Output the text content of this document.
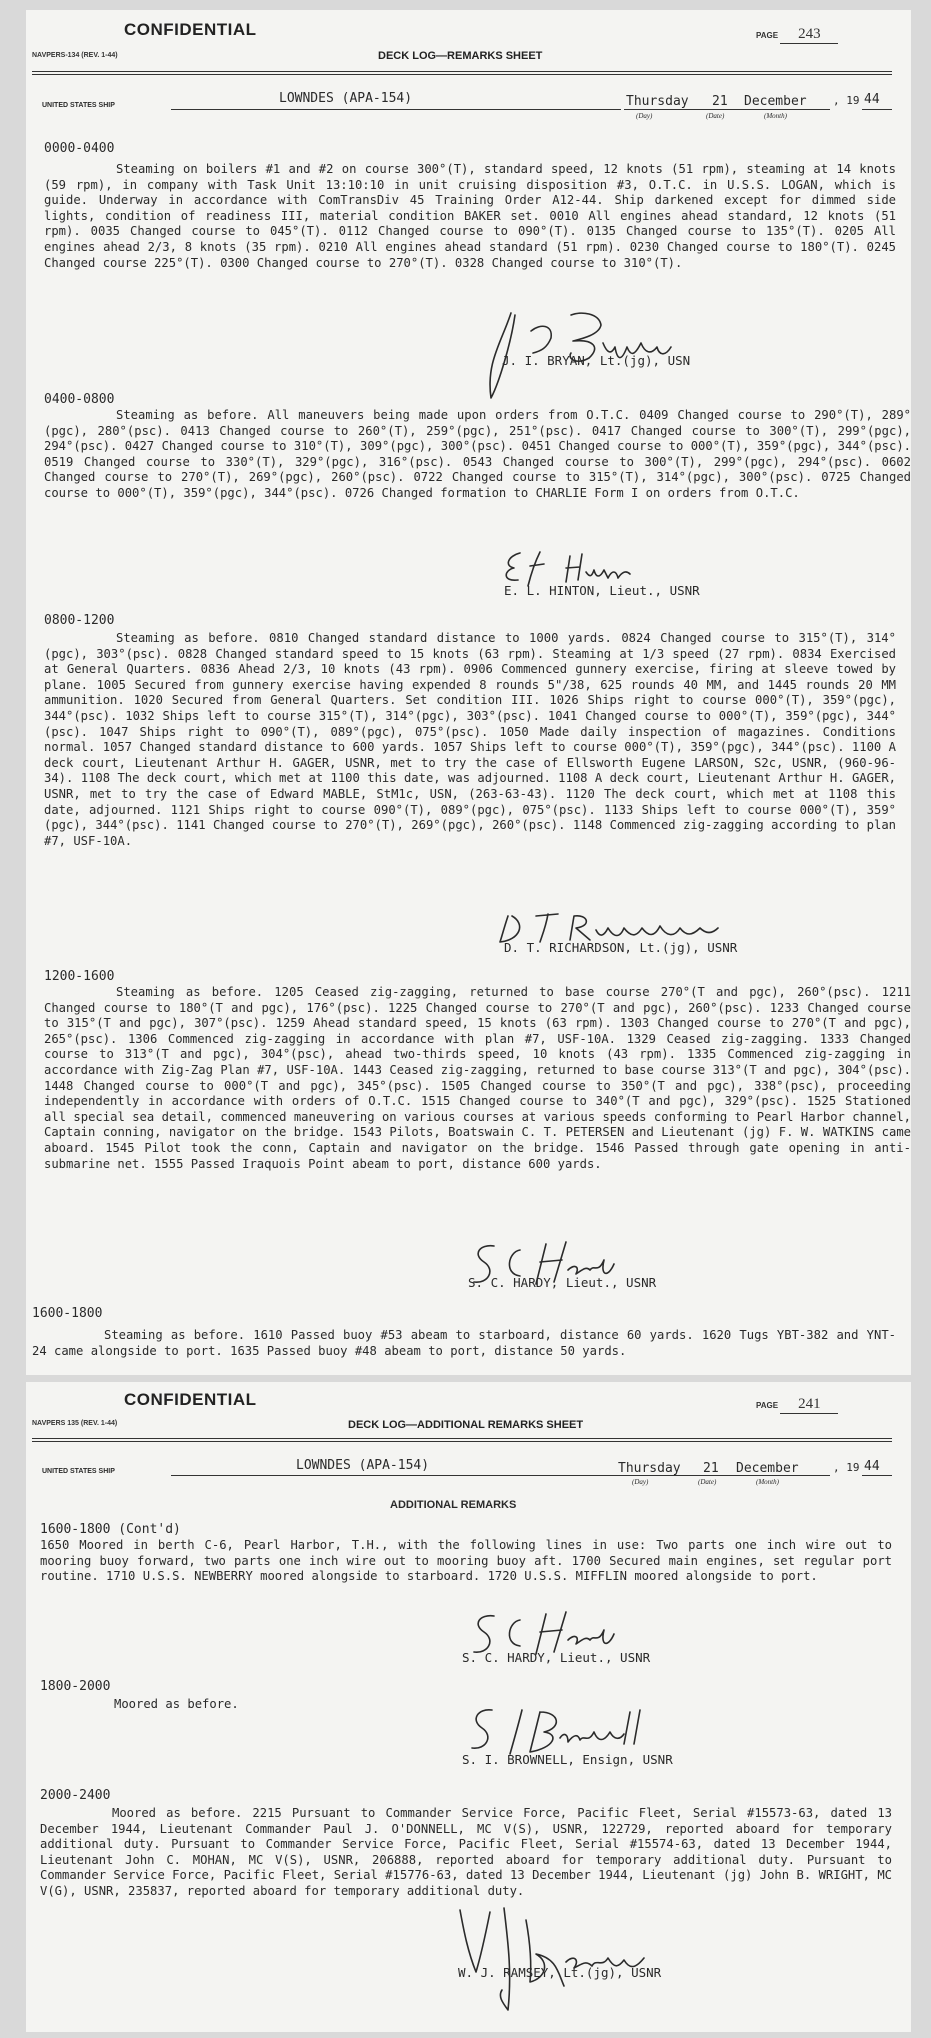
CONFIDENTIAL	PAGE 243
NAVPERS-134 (REV. 1-44)	DECK LOG—REMARKS SHEET
UNITED STATES SHIP	LOWNDES (APA-154)	Thursday 21 December , 19 44
(Day)	(Date)	(Month)
0000-0400
Steaming on boilers #1 and #2 on course 300°(T), standard speed, 12 knots (51 rpm), steaming at 14 knots (59 rpm), in company with Task Unit 13:10:10 in unit cruising disposition #3, O.T.C. in U.S.S. LOGAN, which is guide. Underway in accordance with ComTransDiv 45 Training Order A12-44. Ship darkened except for dimmed side lights, condition of readiness III, material condition BAKER set. 0010 All engines ahead standard, 12 knots (51 rpm). 0035 Changed course to 045°(T). 0112 Changed course to 090°(T). 0135 Changed course to 135°(T). 0205 All engines ahead 2/3, 8 knots (35 rpm). 0210 All engines ahead standard (51 rpm). 0230 Changed course to 180°(T). 0245 Changed course 225°(T). 0300 Changed course to 270°(T). 0328 Changed course to 310°(T).
J. I. BRYAN, Lt.(jg), USN
0400-0800
Steaming as before. All maneuvers being made upon orders from O.T.C. 0409 Changed course to 290°(T), 289°(pgc), 280°(psc). 0413 Changed course to 260°(T), 259°(pgc), 251°(psc). 0417 Changed course to 300°(T), 299°(pgc), 294°(psc). 0427 Changed course to 310°(T), 309°(pgc), 300°(psc). 0451 Changed course to 000°(T), 359°(pgc), 344°(psc). 0519 Changed course to 330°(T), 329°(pgc), 316°(psc). 0543 Changed course to 300°(T), 299°(pgc), 294°(psc). 0602 Changed course to 270°(T), 269°(pgc), 260°(psc). 0722 Changed course to 315°(T), 314°(pgc), 300°(psc). 0725 Changed course to 000°(T), 359°(pgc), 344°(psc). 0726 Changed formation to CHARLIE Form I on orders from O.T.C.
E. L. HINTON, Lieut., USNR
0800-1200
Steaming as before. 0810 Changed standard distance to 1000 yards. 0824 Changed course to 315°(T), 314°(pgc), 303°(psc). 0828 Changed standard speed to 15 knots (63 rpm). Steaming at 1/3 speed (27 rpm). 0834 Exercised at General Quarters. 0836 Ahead 2/3, 10 knots (43 rpm). 0906 Commenced gunnery exercise, firing at sleeve towed by plane. 1005 Secured from gunnery exercise having expended 8 rounds 5"/38, 625 rounds 40 MM, and 1445 rounds 20 MM ammunition. 1020 Secured from General Quarters. Set condition III. 1026 Ships right to course 000°(T), 359°(pgc), 344°(psc). 1032 Ships left to course 315°(T), 314°(pgc), 303°(psc). 1041 Changed course to 000°(T), 359°(pgc), 344°(psc). 1047 Ships right to 090°(T), 089°(pgc), 075°(psc). 1050 Made daily inspection of magazines. Conditions normal. 1057 Changed standard distance to 600 yards. 1057 Ships left to course 000°(T), 359°(pgc), 344°(psc). 1100 A deck court, Lieutenant Arthur H. GAGER, USNR, met to try the case of Ellsworth Eugene LARSON, S2c, USNR, (960-96-34). 1108 The deck court, which met at 1100 this date, was adjourned. 1108 A deck court, Lieutenant Arthur H. GAGER, USNR, met to try the case of Edward MABLE, StM1c, USN, (263-63-43). 1120 The deck court, which met at 1108 this date, adjourned. 1121 Ships right to course 090°(T), 089°(pgc), 075°(psc). 1133 Ships left to course 000°(T), 359°(pgc), 344°(psc). 1141 Changed course to 270°(T), 269°(pgc), 260°(psc). 1148 Commenced zig-zagging according to plan #7, USF-10A.
D. T. RICHARDSON, Lt.(jg), USNR
1200-1600
Steaming as before. 1205 Ceased zig-zagging, returned to base course 270°(T and pgc), 260°(psc). 1211 Changed course to 180°(T and pgc), 176°(psc). 1225 Changed course to 270°(T and pgc), 260°(psc). 1233 Changed course to 315°(T and pgc), 307°(psc). 1259 Ahead standard speed, 15 knots (63 rpm). 1303 Changed course to 270°(T and pgc), 265°(psc). 1306 Commenced zig-zagging in accordance with plan #7, USF-10A. 1329 Ceased zig-zagging. 1333 Changed course to 313°(T and pgc), 304°(psc), ahead two-thirds speed, 10 knots (43 rpm). 1335 Commenced zig-zagging in accordance with Zig-Zag Plan #7, USF-10A. 1443 Ceased zig-zagging, returned to base course 313°(T and pgc), 304°(psc). 1448 Changed course to 000°(T and pgc), 345°(psc). 1505 Changed course to 350°(T and pgc), 338°(psc), proceeding independently in accordance with orders of O.T.C. 1515 Changed course to 340°(T and pgc), 329°(psc). 1525 Stationed all special sea detail, commenced maneuvering on various courses at various speeds conforming to Pearl Harbor channel, Captain conning, navigator on the bridge. 1543 Pilots, Boatswain C. T. PETERSEN and Lieutenant (jg) F. W. WATKINS came aboard. 1545 Pilot took the conn, Captain and navigator on the bridge. 1546 Passed through gate opening in anti-submarine net. 1555 Passed Iraquois Point abeam to port, distance 600 yards.
S. C. HARDY, Lieut., USNR
1600-1800
Steaming as before. 1610 Passed buoy #53 abeam to starboard, distance 60 yards. 1620 Tugs YBT-382 and YNT-24 came alongside to port. 1635 Passed buoy #48 abeam to port, distance 50 yards.
CONFIDENTIAL	PAGE 241
NAVPERS 135 (REV. 1-44)	DECK LOG—ADDITIONAL REMARKS SHEET
UNITED STATES SHIP	LOWNDES (APA-154)	Thursday 21 December	, 19 44
(Day)	(Date)	(Month)
ADDITIONAL REMARKS
1600-1800 (Cont'd)
1650 Moored in berth C-6, Pearl Harbor, T.H., with the following lines in use: Two parts one inch wire out to mooring buoy forward, two parts one inch wire out to mooring buoy aft. 1700 Secured main engines, set regular port routine. 1710 U.S.S. NEWBERRY moored alongside to starboard. 1720 U.S.S. MIFFLIN moored alongside to port.
S. C. HARDY, Lieut., USNR
1800-2000
Moored as before.
S. I. BROWNELL, Ensign, USNR
2000-2400
Moored as before. 2215 Pursuant to Commander Service Force, Pacific Fleet, Serial #15573-63, dated 13 December 1944, Lieutenant Commander Paul J. O'DONNELL, MC V(S), USNR, 122729, reported aboard for temporary additional duty. Pursuant to Commander Service Force, Pacific Fleet, Serial #15574-63, dated 13 December 1944, Lieutenant John C. MOHAN, MC V(S), USNR, 206888, reported aboard for temporary additional duty. Pursuant to Commander Service Force, Pacific Fleet, Serial #15776-63, dated 13 December 1944, Lieutenant (jg) John B. WRIGHT, MC V(G), USNR, 235837, reported aboard for temporary additional duty.
W. J. RAMSEY, Lt.(jg), USNR
